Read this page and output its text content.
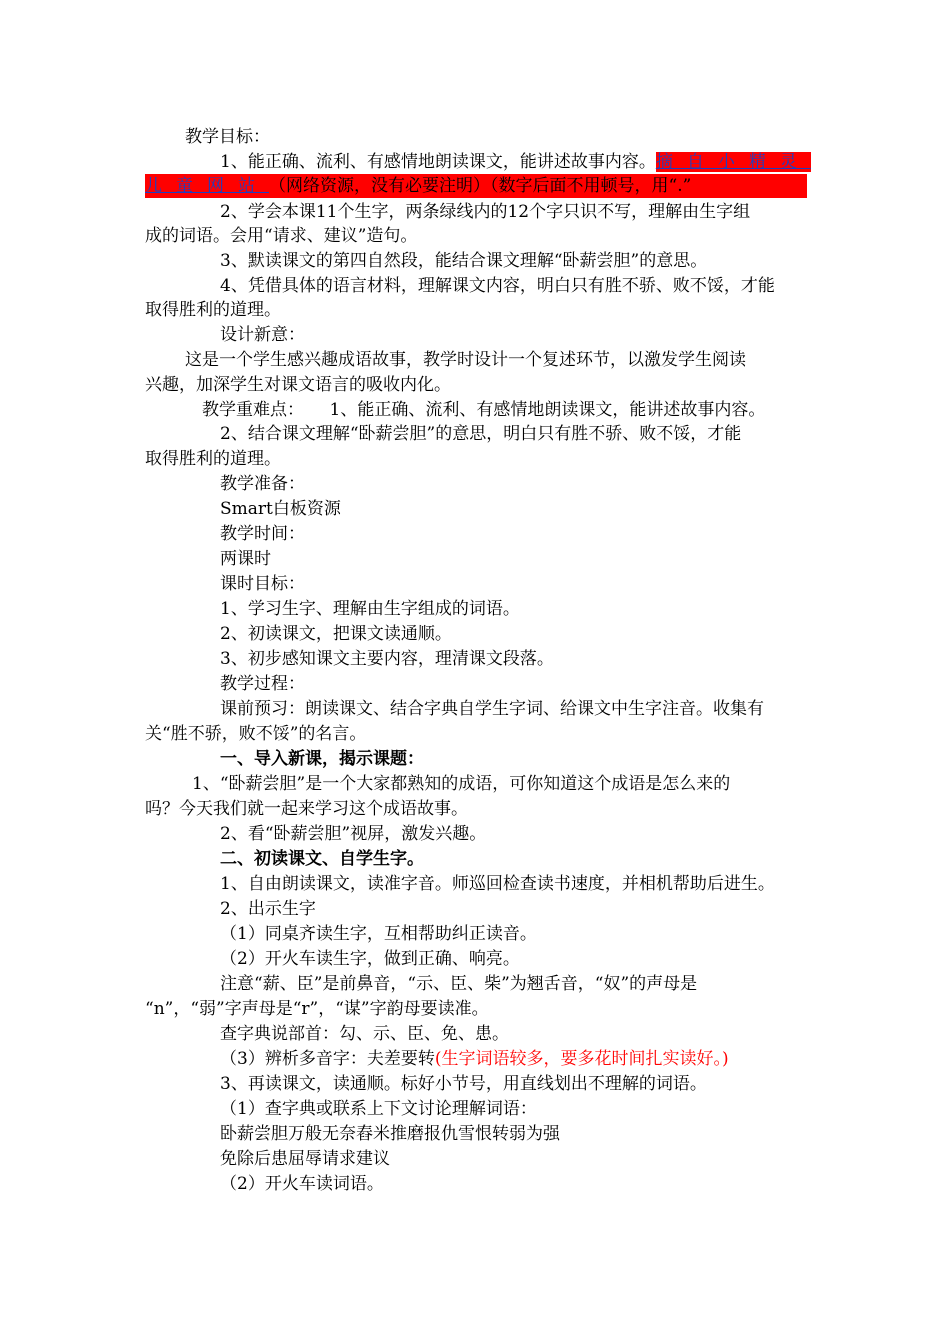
教学目标：
1、能正确、流利、有感情地朗读课文，能讲述故事内容。摘自小精灵
儿童网站（网络资源，没有必要注明）（数字后面不用顿号，用“.”
2、学会本课11个生字，两条绿线内的12个字只识不写，理解由生字组
成的词语。会用“请求、建议”造句。
3、默读课文的第四自然段，能结合课文理解“卧薪尝胆”的意思。
4、凭借具体的语言材料，理解课文内容，明白只有胜不骄、败不馁，才能
取得胜利的道理。
设计新意：
这是一个学生感兴趣成语故事，教学时设计一个复述环节，以激发学生阅读
兴趣，加深学生对课文语言的吸收内化。
教学重难点：　　1、能正确、流利、有感情地朗读课文，能讲述故事内容。
2、结合课文理解“卧薪尝胆”的意思，明白只有胜不骄、败不馁，才能
取得胜利的道理。
教学准备：
Smart白板资源
教学时间：
两课时
课时目标：
1、学习生字、理解由生字组成的词语。
2、初读课文，把课文读通顺。
3、初步感知课文主要内容，理清课文段落。
教学过程：
课前预习：朗读课文、结合字典自学生字词、给课文中生字注音。收集有
关“胜不骄，败不馁”的名言。
一、导入新课，揭示课题：
1、“卧薪尝胆”是一个大家都熟知的成语，可你知道这个成语是怎么来的
吗？今天我们就一起来学习这个成语故事。
2、看“卧薪尝胆”视屏，激发兴趣。
二、初读课文、自学生字。
1、自由朗读课文，读准字音。师巡回检查读书速度，并相机帮助后进生。
2、出示生字
（1）同桌齐读生字，互相帮助纠正读音。
（2）开火车读生字，做到正确、响亮。
注意“薪、臣”是前鼻音，“示、臣、柴”为翘舌音，“奴”的声母是
“n”，“弱”字声母是“r”，“谋”字韵母要读准。
查字典说部首：勾、示、臣、免、患。
（3）辨析多音字：夫差要转(生字词语较多，要多花时间扎实读好。)
3、再读课文，读通顺。标好小节号，用直线划出不理解的词语。
（1）查字典或联系上下文讨论理解词语：
卧薪尝胆万般无奈舂米推磨报仇雪恨转弱为强
免除后患屈辱请求建议
（2）开火车读词语。
